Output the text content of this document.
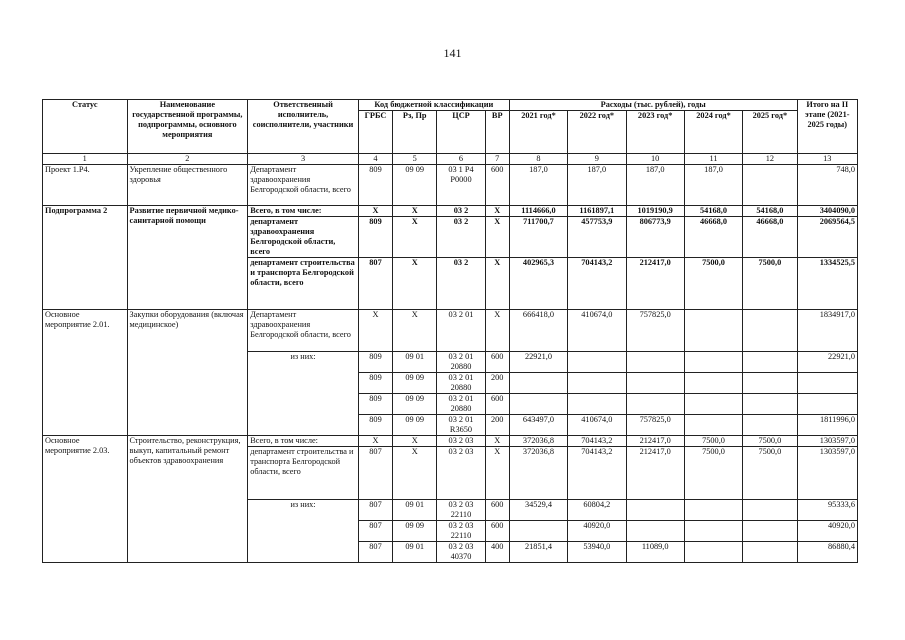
141
Статус	Наименование государственной программы, подпрограммы, основного мероприятия	Ответственный исполнитель, соисполнители, участники	Код бюджетной классификации				Расходы (тыс. рублей), годы					Итого на II этапе (2021-2025 годы)
			ГРБС	Рз, Пр	ЦСР	ВР	2021 год*	2022 год*	2023 год*	2024 год*	2025 год*	
1	2	3	4	5	6	7	8	9	10	11	12	13
Проект 1.Р4.	Укрепление общественного здоровья	Департамент здравоохранения Белгородской области, всего	809	09 09	03 1 Р4 Р0000	600	187,0	187,0	187,0	187,0		748,0
Подпрограмма 2	Развитие первичной медико-санитарной помощи	Всего, в том числе:	Х	Х	03 2	Х	1114666,0	1161897,1	1019190,9	54168,0	54168,0	3404090,0
		департамент здравоохранения Белгородской области, всего	809	Х	03 2	Х	711700,7	457753,9	806773,9	46668,0	46668,0	2069564,5
		департамент строительства и транспорта Белгородской области, всего	807	Х	03 2	Х	402965,3	704143,2	212417,0	7500,0	7500,0	1334525,5
Основное мероприятие 2.01.	Закупки оборудования (включая медицинское)	Департамент здравоохранения Белгородской области, всего	Х	Х	03 2 01	Х	666418,0	410674,0	757825,0			1834917,0
		из них:	809	09 01	03 2 01 20880	600	22921,0					22921,0
			809	09 09	03 2 01 20880	200						
			809	09 09	03 2 01 20880	600						
			809	09 09	03 2 01 R3650	200	643497,0	410674,0	757825,0			1811996,0
Основное мероприятие 2.03.	Строительство, реконструкция, выкуп, капитальный ремонт объектов здравоохранения	Всего, в том числе:	Х	Х	03 2 03	Х	372036,8	704143,2	212417,0	7500,0	7500,0	1303597,0
		департамент строительства и транспорта Белгородской области, всего	807	Х	03 2 03	Х	372036,8	704143,2	212417,0	7500,0	7500,0	1303597,0
		из них:	807	09 01	03 2 03 22110	600	34529,4	60804,2				95333,6
			807	09 09	03 2 03 22110	600		40920,0				40920,0
			807	09 01	03 2 03 40370	400	21851,4	53940,0	11089,0			86880,4
